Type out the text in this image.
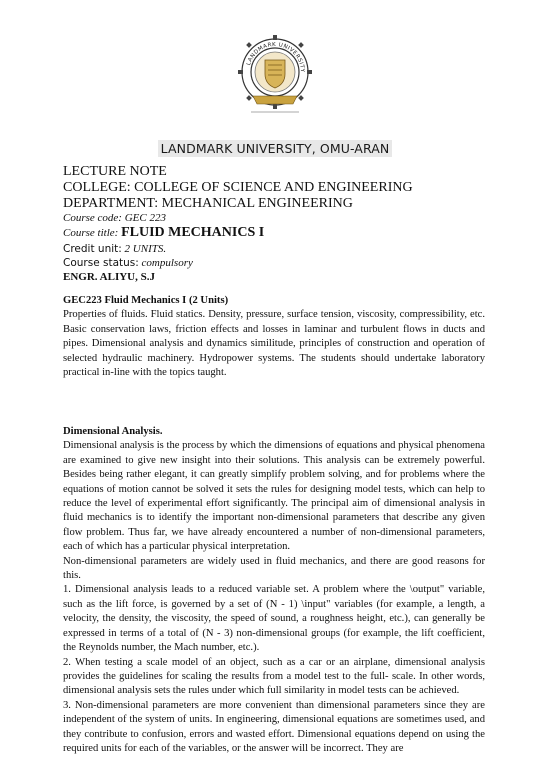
LANDMARK UNIVERSITY
LANDMARK UNIVERSITY, OMU-ARAN
LECTURE NOTE
COLLEGE: COLLEGE OF SCIENCE AND ENGINEERING
DEPARTMENT: MECHANICAL ENGINEERING
Course code: GEC 223
Course title: FLUID MECHANICS I
Credit unit: 2 UNITS.
Course status: compulsory
ENGR. ALIYU, S.J

GEC223 Fluid Mechanics I (2 Units)

Properties of fluids. Fluid statics. Density, pressure, surface tension, viscosity, compressibility, etc. Basic conservation laws, friction effects and losses in laminar and turbulent flows in ducts and pipes. Dimensional analysis and dynamics similitude, principles of construction and operation of selected hydraulic machinery. Hydropower systems. The students should undertake laboratory practical in-line with the topics taught.

Dimensional Analysis.

Dimensional analysis is the process by which the dimensions of equations and physical phenomena are examined to give new insight into their solutions. This analysis can be extremely powerful. Besides being rather elegant, it can greatly simplify problem solving, and for problems where the equations of motion cannot be solved it sets the rules for designing model tests, which can help to reduce the level of experimental effort significantly. The principal aim of dimensional analysis in fluid mechanics is to identify the important non-dimensional parameters that describe any given flow problem. Thus far, we have already encountered a number of non-dimensional parameters, each of which has a particular physical interpretation.

Non-dimensional parameters are widely used in fluid mechanics, and there are good reasons for this.

1. Dimensional analysis leads to a reduced variable set. A problem where the \output" variable, such as the lift force, is governed by a set of (N - 1) \input" variables (for example, a length, a velocity, the density, the viscosity, the speed of sound, a roughness height, etc.), can generally be expressed in terms of a total of (N - 3) non-dimensional groups (for example, the lift coefficient, the Reynolds number, the Mach number, etc.).

2. When testing a scale model of an object, such as a car or an airplane, dimensional analysis provides the guidelines for scaling the results from a model test to the full- scale. In other words, dimensional analysis sets the rules under which full similarity in model tests can be achieved.

3. Non-dimensional parameters are more convenient than dimensional parameters since they are independent of the system of units. In engineering, dimensional equations are sometimes used, and they contribute to confusion, errors and wasted effort. Dimensional equations depend on using the required units for each of the variables, or the answer will be incorrect. They are
